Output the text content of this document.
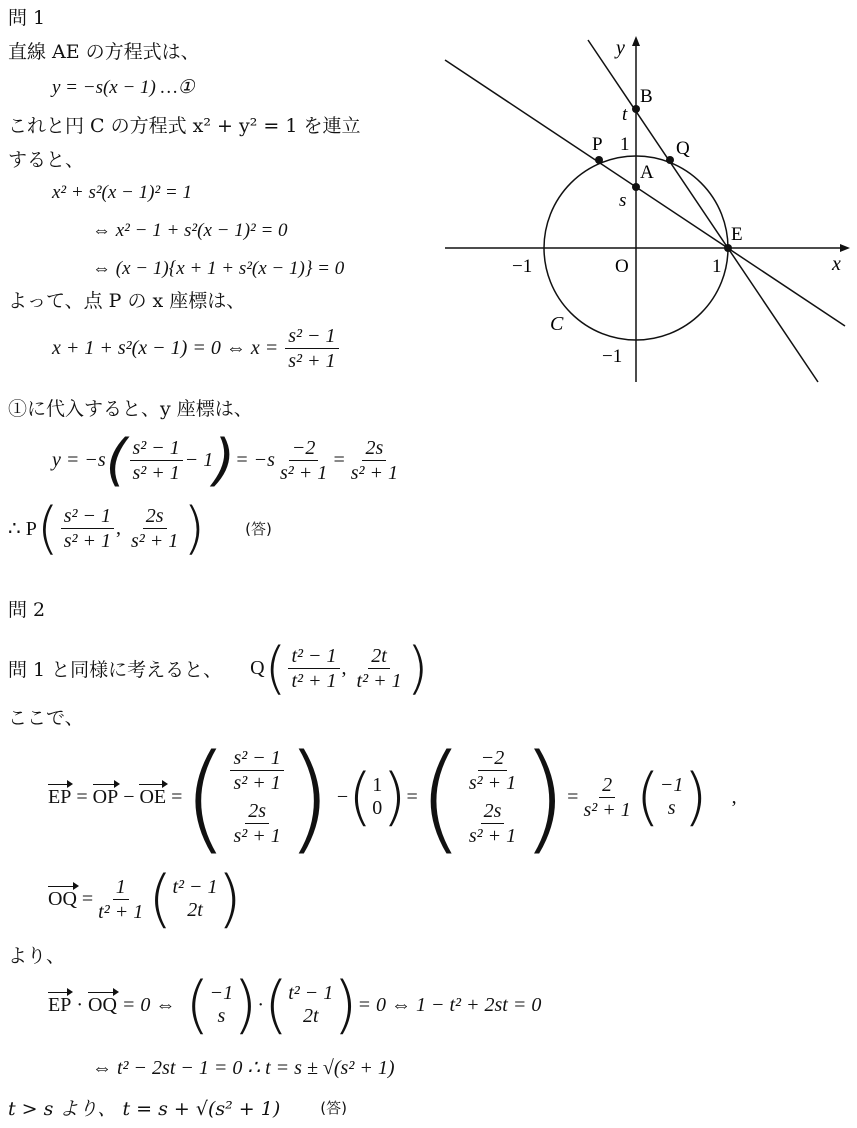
問 1
直線 AE の方程式は、
y = −s(x − 1) …①
これと円 C の方程式 x² + y² = 1 を連立
すると、
x² + s²(x − 1)² = 1
⇔ x² − 1 + s²(x − 1)² = 0
⇔ (x − 1){x + 1 + s²(x − 1)} = 0
よって、点 P の x 座標は、
x + 1 + s²(x − 1) = 0 ⇔ x =
$\frac{\text{s² − 1}}{\text{s² + 1}}$
①に代入すると、y 座標は、
y = −s ( $\frac{\text{s² − 1}}{\text{s² + 1}} - 1$ ) = $-s \frac{-2}{\text{s² + 1}} = \frac{2s}{\text{s² + 1}}$
∴ P ( $\frac{\text{s² − 1}}{\text{s² + 1}}$ ,
$\frac{2s}{\text{s² + 1}}$ )	(答)
y
x
B
t
P 1 Q
A
s
E
−1	O	1
C
−1
問 2
問 1 と同様に考えると、 Q ( $\frac{\text{t² − 1}}{\text{t² + 1}}$ ,
$\frac{2t}{\text{t² + 1}}$ )
ここで、
EP = OP − OE = ( $\frac{\text{s² − 1}}{\text{s² + 1}}$
$\frac{2s}{\text{s² + 1}}$ ) − ( 1
0 ) = ( $\frac{-2}{\text{s² + 1}}$
$\frac{2s}{\text{s² + 1}}$ ) = $\frac{2}{\text{s² + 1}}$ ( −1
s ) ,
OQ = $\frac{1}{\text{t² + 1}}$ ( t² − 1
2t )
より、
EP · OQ
= 0 ⇔ ( −1
s ) · ( t² − 1
2t ) = 0 ⇔ 1 − t² + 2st = 0
⇔ t² − 2st − 1 = 0 ∴ t = s ± √(s² + 1)
t > s より、 t = s + √(s² + 1)	(答)
